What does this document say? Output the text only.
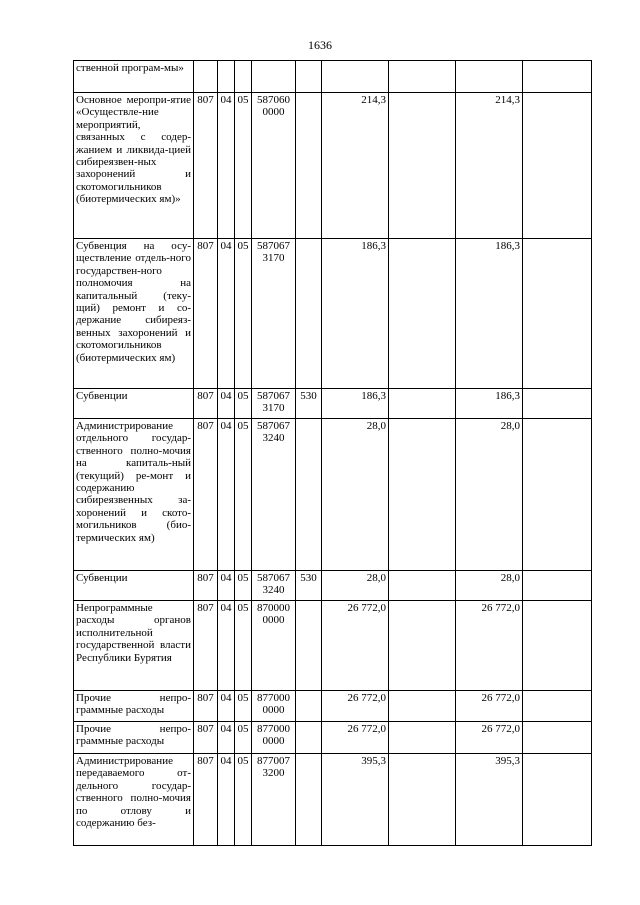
1636
ственной програм-мы»									
Основное меропри-ятие «Осуществле-ние мероприятий, связанных с содер-жанием и ликвида-цией сибиреязвен-ных захоронений и скотомогильников (биотермических ям)»	807	04	05	587060 0000		214,3		214,3	
Субвенция на осу-ществление отдель-ного государствен-ного полномочия на капитальный (теку-щий) ремонт и со-держание сибиреяз-венных захоронений и скотомогильников (биотермических ям)	807	04	05	587067 3170		186,3		186,3	
Субвенции	807	04	05	587067 3170	530	186,3		186,3	
Администрирование отдельного государ-ственного полно-мочия на капиталь-ный (текущий) ре-монт и содержанию сибиреязвенных за-хоронений и ското-могильников (био-термических ям)	807	04	05	587067 3240		28,0		28,0	
Субвенции	807	04	05	587067 3240	530	28,0		28,0	
Непрограммные расходы органов исполнительной государственной власти Республики Бурятия	807	04	05	870000 0000		26 772,0		26 772,0	
Прочие непро-граммные расходы	807	04	05	877000 0000		26 772,0		26 772,0	
Прочие непро-граммные расходы	807	04	05	877000 0000		26 772,0		26 772,0	
Администрирование передаваемого от-дельного государ-ственного полно-мочия по отлову и содержанию без-	807	04	05	877007 3200		395,3		395,3	
